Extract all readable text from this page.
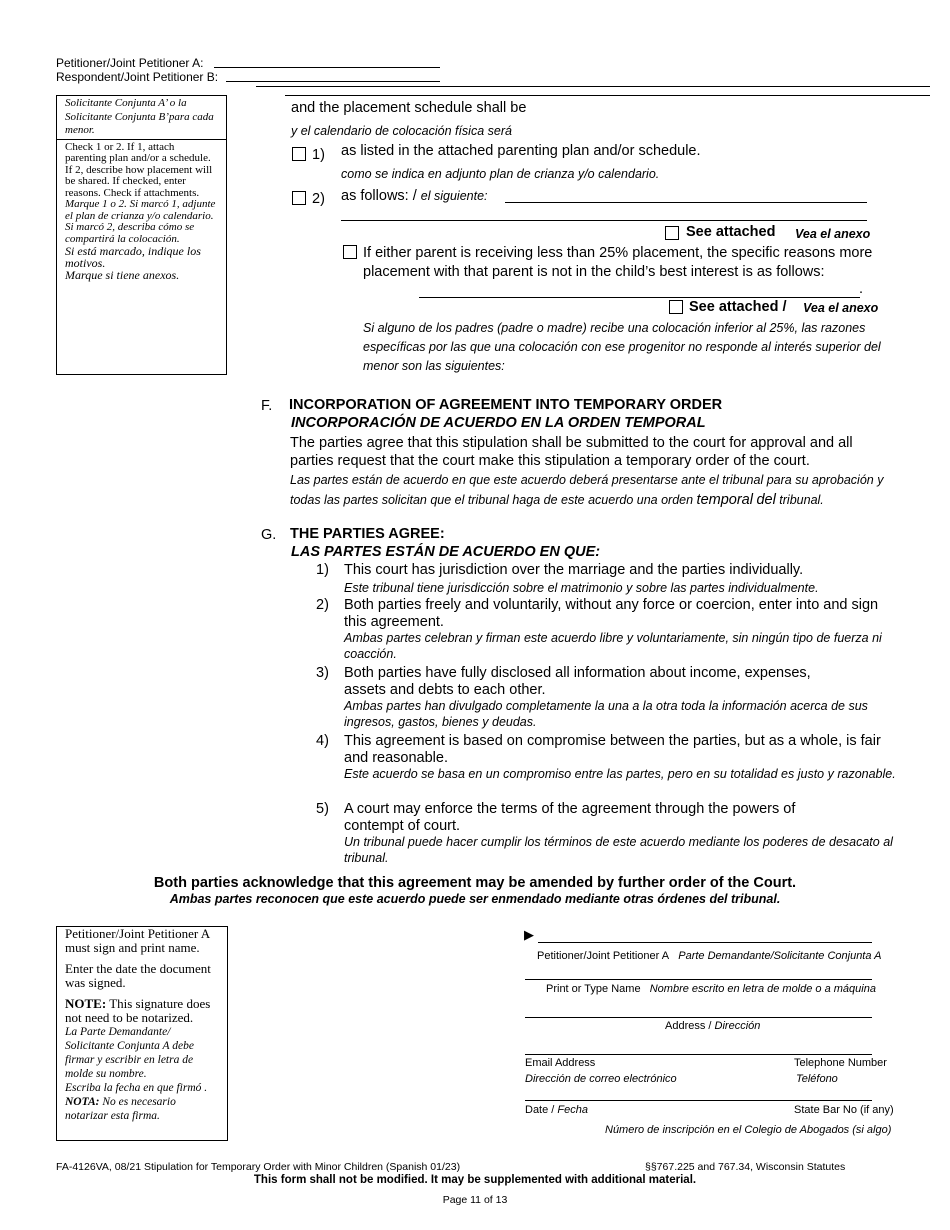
Petitioner/Joint Petitioner A:
Respondent/Joint Petitioner B:
Solicitante Conjunta A’ o la Solicitante Conjunta B’para cada menor.
Check 1 or 2. If 1, attach parenting plan and/or a schedule. If 2, describe how placement will be shared. If checked, enter reasons. Check if attachments.
Marque 1 o 2. Si marcó 1, adjunte el plan de crianza y/o calendario. Si marcó 2, describa cómo se compartirá la colocación.
Si está marcado, indique los motivos.
Marque si tiene anexos.
and the placement schedule shall be
y el calendario de colocación física será
1) as listed in the attached parenting plan and/or schedule.
como se indica en adjunto plan de crianza y/o calendario.
2) as follows: / el siguiente:
See attached Vea el anexo
If either parent is receiving less than 25% placement, the specific reasons more placement with that parent is not in the child’s best interest is as follows:
.
See attached / Vea el anexo
Si alguno de los padres (padre o madre) recibe una colocación inferior al 25%, las razones específicas por las que una colocación con ese progenitor no responde al interés superior del menor son las siguientes:
F. INCORPORATION OF AGREEMENT INTO TEMPORARY ORDER
INCORPORACIÓN DE ACUERDO EN LA ORDEN TEMPORAL
The parties agree that this stipulation shall be submitted to the court for approval and all parties request that the court make this stipulation a temporary order of the court.
Las partes están de acuerdo en que este acuerdo deberá presentarse ante el tribunal para su aprobación y todas las partes solicitan que el tribunal haga de este acuerdo una orden temporal del tribunal.
G. THE PARTIES AGREE:
LAS PARTES ESTÁN DE ACUERDO EN QUE:
1) This court has jurisdiction over the marriage and the parties individually.
Este tribunal tiene jurisdicción sobre el matrimonio y sobre las partes individualmente.
2) Both parties freely and voluntarily, without any force or coercion, enter into and sign this agreement.
Ambas partes celebran y firman este acuerdo libre y voluntariamente, sin ningún tipo de fuerza ni coacción.
3) Both parties have fully disclosed all information about income, expenses, assets and debts to each other.
Ambas partes han divulgado completamente la una a la otra toda la información acerca de sus ingresos, gastos, bienes y deudas.
4) This agreement is based on compromise between the parties, but as a whole, is fair and reasonable.
Este acuerdo se basa en un compromiso entre las partes, pero en su totalidad es justo y razonable.
5) A court may enforce the terms of the agreement through the powers of contempt of court.
Un tribunal puede hacer cumplir los términos de este acuerdo mediante los poderes de desacato al tribunal.
Both parties acknowledge that this agreement may be amended by further order of the Court.
Ambas partes reconocen que este acuerdo puede ser enmendado mediante otras órdenes del tribunal.
Petitioner/Joint Petitioner A must sign and print name.
Enter the date the document was signed.
NOTE: This signature does not need to be notarized.
La Parte Demandante/ Solicitante Conjunta A debe firmar y escribir en letra de molde su nombre.
Escriba la fecha en que firmó .
NOTA: No es necesario notarizar esta firma.
▶
Petitioner/Joint Petitioner A Parte Demandante/Solicitante Conjunta A
Print or Type Name Nombre escrito en letra de molde o a máquina
Address / Dirección
Email Address
Dirección de correo electrónico
Telephone Number
Teléfono
Date / Fecha	State Bar No (if any)
Número de inscripción en el Colegio de Abogados (si algo)
FA-4126VA, 08/21 Stipulation for Temporary Order with Minor Children (Spanish 01/23)	§§767.225 and 767.34, Wisconsin Statutes
This form shall not be modified. It may be supplemented with additional material.
Page 11 of 13
